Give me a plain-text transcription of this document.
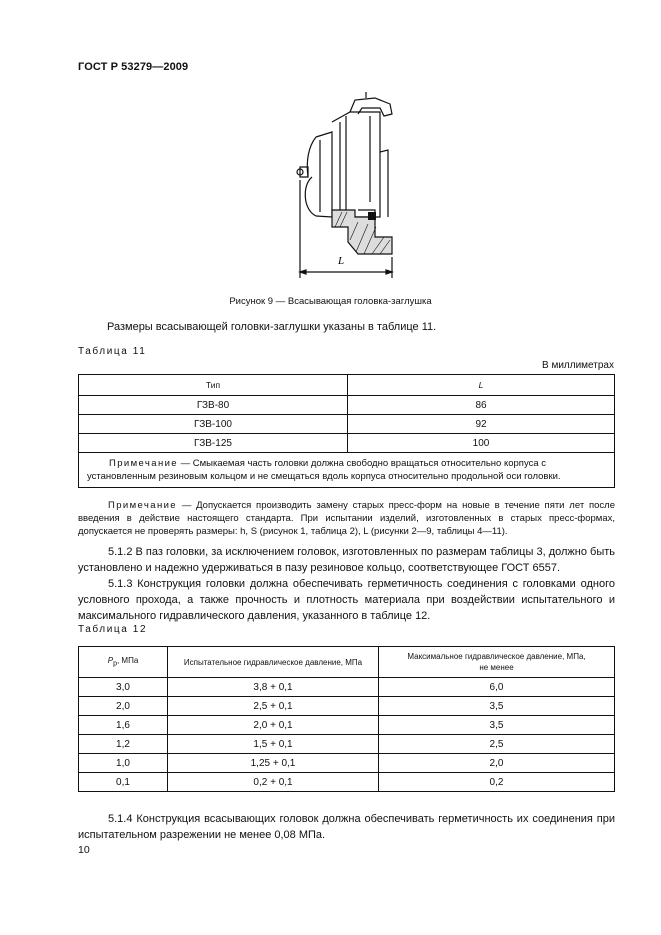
ГОСТ Р 53279—2009
L
Рисунок 9 — Всасывающая головка-заглушка
Размеры всасывающей головки-заглушки указаны в таблице 11.
Таблица 11
В миллиметрах
Тип	L
ГЗВ-80	86
ГЗВ-100	92
ГЗВ-125	100
Примечание — Смыкаемая часть головки должна свободно вращаться относительно корпуса с установленным резиновым кольцом и не смещаться вдоль корпуса относительно продольной оси головки.	
Примечание — Допускается производить замену старых пресс-форм на новые в течение пяти лет после введения в действие настоящего стандарта. При испытании изделий, изготовленных в старых пресс-формах, допускается не проверять размеры: h, S (рисунок 1, таблица 2), L (рисунки 2—9, таблицы 4—11).
5.1.2 В паз головки, за исключением головок, изготовленных по размерам таблицы 3, должно быть установлено и надежно удерживаться в пазу резиновое кольцо, соответствующее ГОСТ 6557.
5.1.3 Конструкция головки должна обеспечивать герметичность соединения с головками одного условного прохода, а также прочность и плотность материала при воздействии испытательного и максимального гидравлического давления, указанного в таблице 12.
Таблица 12
$P_р$, МПа	Испытательное гидравлическое давление, МПа	Максимальное гидравлическое давление, МПа,
не менее
3,0	3,8 + 0,1	6,0
2,0	2,5 + 0,1	3,5
1,6	2,0 + 0,1	3,5
1,2	1,5 + 0,1	2,5
1,0	1,25 + 0,1	2,0
0,1	0,2 + 0,1	0,2
5.1.4 Конструкция всасывающих головок должна обеспечивать герметичность их соединения при испытательном разрежении не менее 0,08 МПа.
10
